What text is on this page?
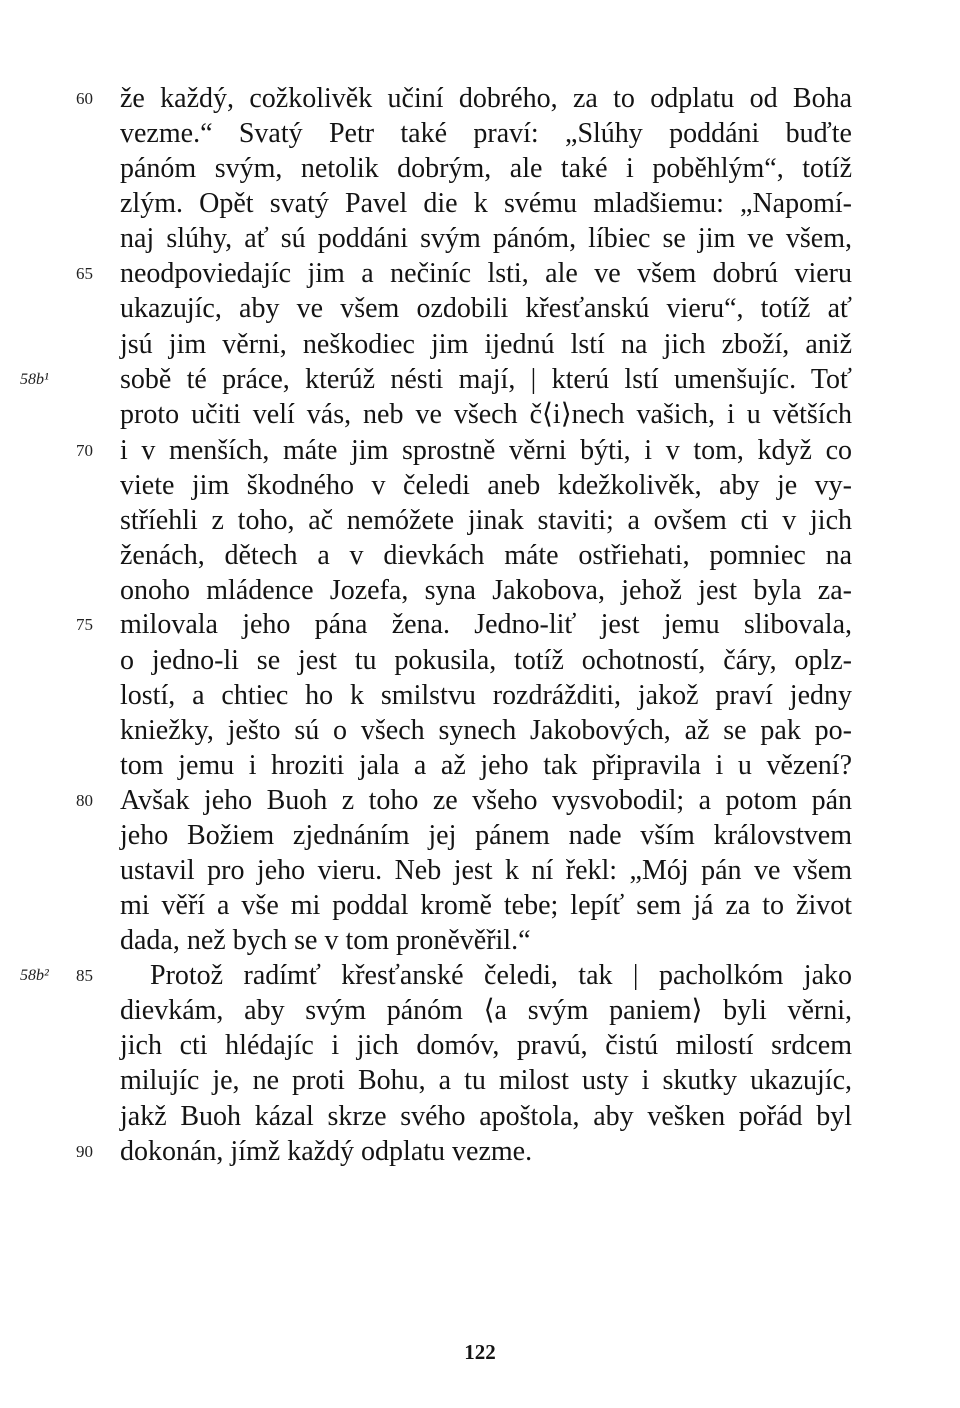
60
65
70
75
80
85
90
58b¹
58b²
že každý, cožkolivěk učiní dobrého, za to odplatu od Boha
vezme.“ Svatý Petr také praví: „Slúhy poddáni buďte
pánóm svým, netolik dobrým, ale také i poběhlým“, totíž
zlým. Opět svatý Pavel die k svému mladšiemu: „Napomí-
naj slúhy, ať sú poddáni svým pánóm, líbiec se jim ve všem,
neodpoviedajíc jim a nečiníc lsti, ale ve všem dobrú vieru
ukazujíc, aby ve všem ozdobili křesťanskú vieru“, totíž ať
jsú jim věrni, neškodiec jim ijednú lstí na jich zboží, aniž
sobě té práce, kterúž nésti mají, | kterú lstí umenšujíc. Toť
proto učiti velí vás, neb ve všech č⟨i⟩nech vašich, i u větších
i v menších, máte jim sprostně věrni býti, i v tom, když co
viete jim škodného v čeledi aneb kdežkolivěk, aby je vy-
stříehli z toho, ač nemóžete jinak staviti; a ovšem cti v jich
ženách, dětech a v dievkách máte ostřiehati, pomniec na
onoho mládence Jozefa, syna Jakobova, jehož jest byla za-
milovala jeho pána žena. Jedno-liť jest jemu slibovala,
o jedno-li se jest tu pokusila, totíž ochotností, čáry, oplz-
lostí, a chtiec ho k smilstvu rozdrážditi, jakož praví jedny
kniežky, ješto sú o všech synech Jakobových, až se pak po-
tom jemu i hroziti jala a až jeho tak připravila i u vězení?
Avšak jeho Buoh z toho ze všeho vysvobodil; a potom pán
jeho Božiem zjednáním jej pánem nade vším královstvem
ustavil pro jeho vieru. Neb jest k ní řekl: „Mój pán ve všem
mi věří a vše mi poddal kromě tebe; lepíť sem já za to život
dada, než bych se v tom proněvěřil.“
Protož radímť křesťanské čeledi, tak | pacholkóm jako
dievkám, aby svým pánóm ⟨a svým paniem⟩ byli věrni,
jich cti hlédajíc i jich domóv, pravú, čistú milostí srdcem
milujíc je, ne proti Bohu, a tu milost usty i skutky ukazujíc,
jakž Buoh kázal skrze svého apoštola, aby vešken pořád byl
dokonán, jímž každý odplatu vezme.
122
